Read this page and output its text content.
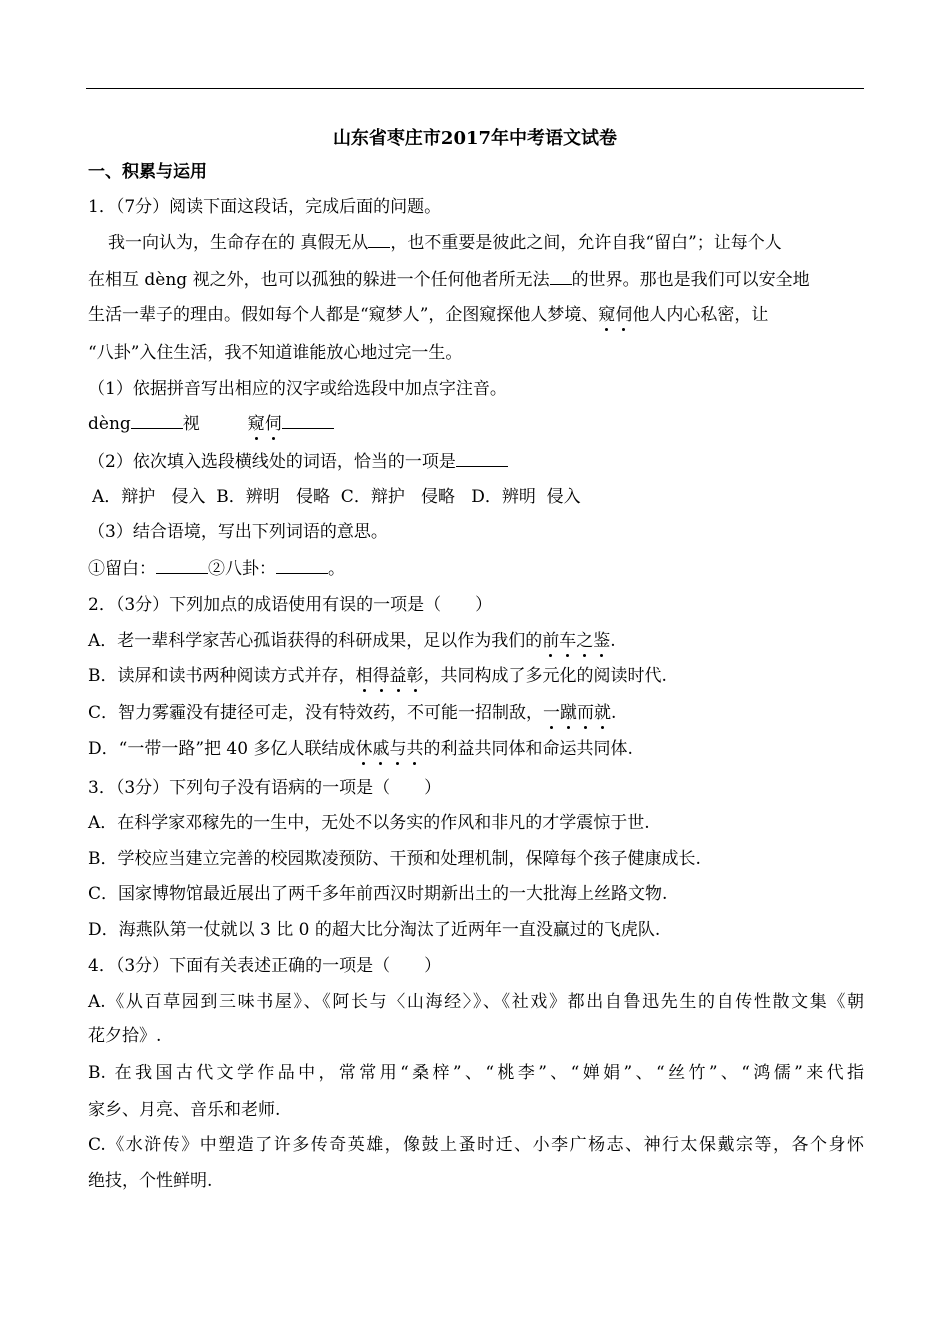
山东省枣庄市2017年中考语文试卷
一、积累与运用
1．（7分）阅读下面这段话，完成后面的问题。
我一向认为，生命存在的 真假无从 ，也不重要是彼此之间，允许自我“留白”；让每个人
在相互 dèng 视之外，也可以孤独的躲进一个任何他者所无法 的世界。那也是我们可以安全地
生活一辈子的理由。假如每个人都是“窥梦人”，企图窥探他人梦境、窥伺他人内心私密，让
“八卦”入住生活，我不知道谁能放心地过完一生。
（1）依据拼音写出相应的汉字或给选段中加点字注音。
dèng	视	窥伺
（2）依次填入选段横线处的词语，恰当的一项是
A．辩护   侵入  B．辨明   侵略  C．辩护   侵略   D．辨明  侵入
（3）结合语境，写出下列词语的意思。
①留白：	②八卦：	。
2．（3分）下列加点的成语使用有误的一项是（　　）
A．老一辈科学家苦心孤诣获得的科研成果，足以作为我们的前车之鉴.
B．读屏和读书两种阅读方式并存，相得益彰，共同构成了多元化的阅读时代.
C．智力雾霾没有捷径可走，没有特效药，不可能一招制敌，一蹴而就.
D．“一带一路”把 40 多亿人联结成休戚与共的利益共同体和命运共同体.
3．（3分）下列句子没有语病的一项是（　　）
A．在科学家邓稼先的一生中，无处不以务实的作风和非凡的才学震惊于世.
B．学校应当建立完善的校园欺凌预防、干预和处理机制，保障每个孩子健康成长.
C．国家博物馆最近展出了两千多年前西汉时期新出土的一大批海上丝路文物.
D．海燕队第一仗就以 3 比 0 的超大比分淘汰了近两年一直没赢过的飞虎队.
4．（3分）下面有关表述正确的一项是（　　）
A.《从百草园到三味书屋》、《阿长与〈山海经〉》、《社戏》都出自鲁迅先生的自传性散文集《朝
花夕拾》.
B. 在我国古代文学作品中，常常用“桑梓”、“桃李”、“婵娟”、“丝竹”、“鸿儒”来代指
家乡、月亮、音乐和老师.
C.《水浒传》中塑造了许多传奇英雄，像鼓上蚤时迁、小李广杨志、神行太保戴宗等，各个身怀
绝技，个性鲜明.
